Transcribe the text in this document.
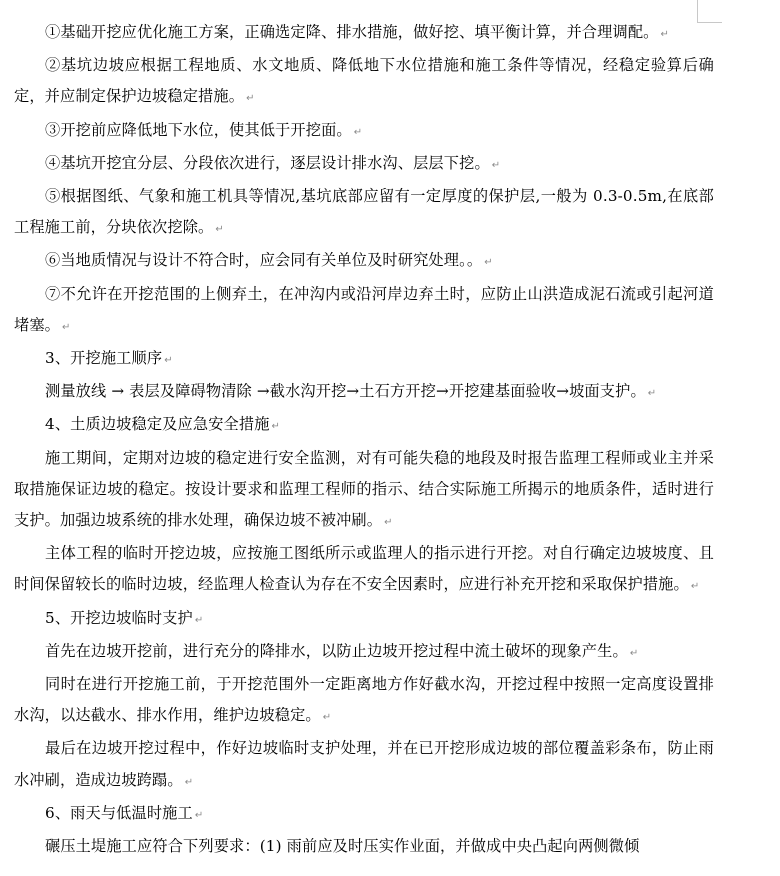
①基础开挖应优化施工方案，正确选定降、排水措施，做好挖、填平衡计算，并合理调配。 ↵

②基坑边坡应根据工程地质、水文地质、降低地下水位措施和施工条件等情况，经稳定验算后确定，并应制定保护边坡稳定措施。 ↵

③开挖前应降低地下水位，使其低于开挖面。 ↵

④基坑开挖宜分层、分段依次进行，逐层设计排水沟、层层下挖。 ↵

⑤根据图纸、气象和施工机具等情况,基坑底部应留有一定厚度的保护层,一般为 0.3-0.5m,在底部工程施工前，分块依次挖除。 ↵

⑥当地质情况与设计不符合时，应会同有关单位及时研究处理。。 ↵

⑦不允许在开挖范围的上侧弃土，在冲沟内或沿河岸边弃土时，应防止山洪造成泥石流或引起河道堵塞。 ↵

3、开挖施工顺序 ↵

测量放线 → 表层及障碍物清除 →截水沟开挖→土石方开挖→开挖建基面验收→坡面支护。 ↵

4、土质边坡稳定及应急安全措施 ↵

施工期间，定期对边坡的稳定进行安全监测，对有可能失稳的地段及时报告监理工程师或业主并采取措施保证边坡的稳定。按设计要求和监理工程师的指示、结合实际施工所揭示的地质条件，适时进行支护。加强边坡系统的排水处理，确保边坡不被冲刷。 ↵

主体工程的临时开挖边坡，应按施工图纸所示或监理人的指示进行开挖。对自行确定边坡坡度、且时间保留较长的临时边坡，经监理人检查认为存在不安全因素时，应进行补充开挖和采取保护措施。 ↵

5、开挖边坡临时支护 ↵

首先在边坡开挖前，进行充分的降排水，以防止边坡开挖过程中流土破坏的现象产生。 ↵

同时在进行开挖施工前，于开挖范围外一定距离地方作好截水沟，开挖过程中按照一定高度设置排水沟，以达截水、排水作用，维护边坡稳定。 ↵

最后在边坡开挖过程中，作好边坡临时支护处理，并在已开挖形成边坡的部位覆盖彩条布，防止雨水冲刷，造成边坡跨蹋。 ↵

6、雨天与低温时施工 ↵

碾压土堤施工应符合下列要求：(1) 雨前应及时压实作业面，并做成中央凸起向两侧微倾
